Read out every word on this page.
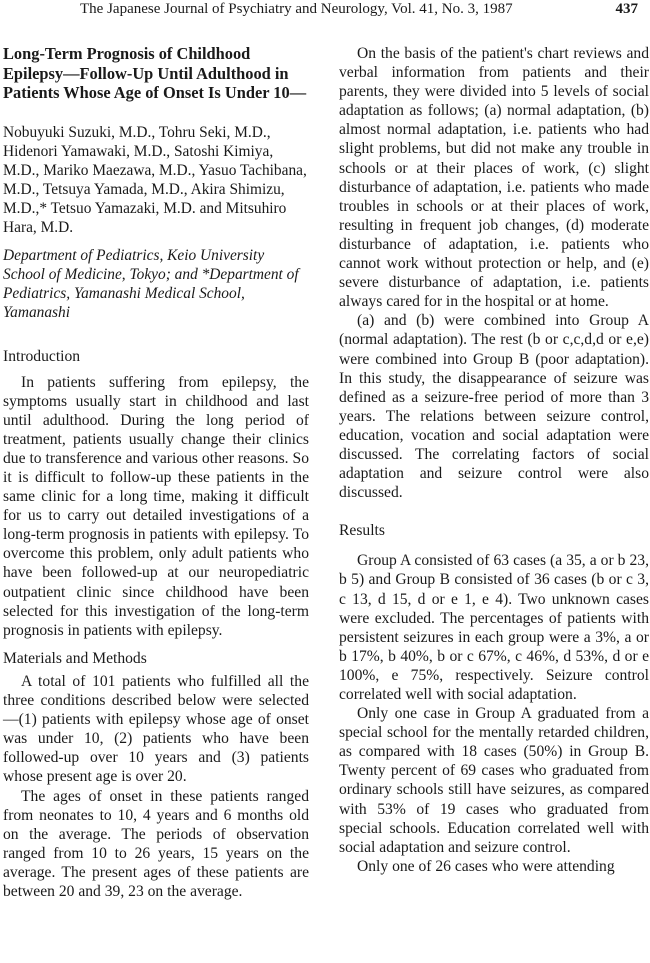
The Japanese Journal of Psychiatry and Neurology, Vol. 41, No. 3, 1987	437

Long-Term Prognosis of Childhood Epilepsy—Follow-Up Until Adulthood in Patients Whose Age of Onset Is Under 10—

Nobuyuki Suzuki, M.D., Tohru Seki, M.D., Hidenori Yamawaki, M.D., Satoshi Kimiya, M.D., Mariko Maezawa, M.D., Yasuo Tachibana, M.D., Tetsuya Yamada, M.D., Akira Shimizu, M.D.,* Tetsuo Yamazaki, M.D. and Mitsuhiro Hara, M.D.

Department of Pediatrics, Keio University School of Medicine, Tokyo; and *Department of Pediatrics, Yamanashi Medical School, Yamanashi

Introduction

In patients suffering from epilepsy, the symptoms usually start in childhood and last until adulthood. During the long period of treatment, patients usually change their clinics due to transference and various other reasons. So it is difficult to follow-up these patients in the same clinic for a long time, making it difficult for us to carry out detailed investigations of a long-term prognosis in patients with epilepsy. To overcome this problem, only adult patients who have been followed-up at our neuropediatric outpatient clinic since childhood have been selected for this investigation of the long-term prognosis in patients with epilepsy.

Materials and Methods

A total of 101 patients who fulfilled all the three conditions described below were selected—(1) patients with epilepsy whose age of onset was under 10, (2) patients who have been followed-up over 10 years and (3) patients whose present age is over 20.

The ages of onset in these patients ranged from neonates to 10, 4 years and 6 months old on the average. The periods of observation ranged from 10 to 26 years, 15 years on the average. The present ages of these patients are between 20 and 39, 23 on the average.

On the basis of the patient's chart reviews and verbal information from patients and their parents, they were divided into 5 levels of social adaptation as follows; (a) normal adaptation, (b) almost normal adaptation, i.e. patients who had slight problems, but did not make any trouble in schools or at their places of work, (c) slight disturbance of adaptation, i.e. patients who made troubles in schools or at their places of work, resulting in frequent job changes, (d) moderate disturbance of adaptation, i.e. patients who cannot work without protection or help, and (e) severe disturbance of adaptation, i.e. patients always cared for in the hospital or at home.

(a) and (b) were combined into Group A (normal adaptation). The rest (b or c,c,d,d or e,e) were combined into Group B (poor adaptation). In this study, the disappearance of seizure was defined as a seizure-free period of more than 3 years. The relations between seizure control, education, vocation and social adaptation were discussed. The correlating factors of social adaptation and seizure control were also discussed.

Results

Group A consisted of 63 cases (a 35, a or b 23, b 5) and Group B consisted of 36 cases (b or c 3, c 13, d 15, d or e 1, e 4). Two unknown cases were excluded. The percentages of patients with persistent seizures in each group were a 3%, a or b 17%, b 40%, b or c 67%, c 46%, d 53%, d or e 100%, e 75%, respectively. Seizure control correlated well with social adaptation.

Only one case in Group A graduated from a special school for the mentally retarded children, as compared with 18 cases (50%) in Group B. Twenty percent of 69 cases who graduated from ordinary schools still have seizures, as compared with 53% of 19 cases who graduated from special schools. Education correlated well with social adaptation and seizure control.

Only one of 26 cases who were attending
